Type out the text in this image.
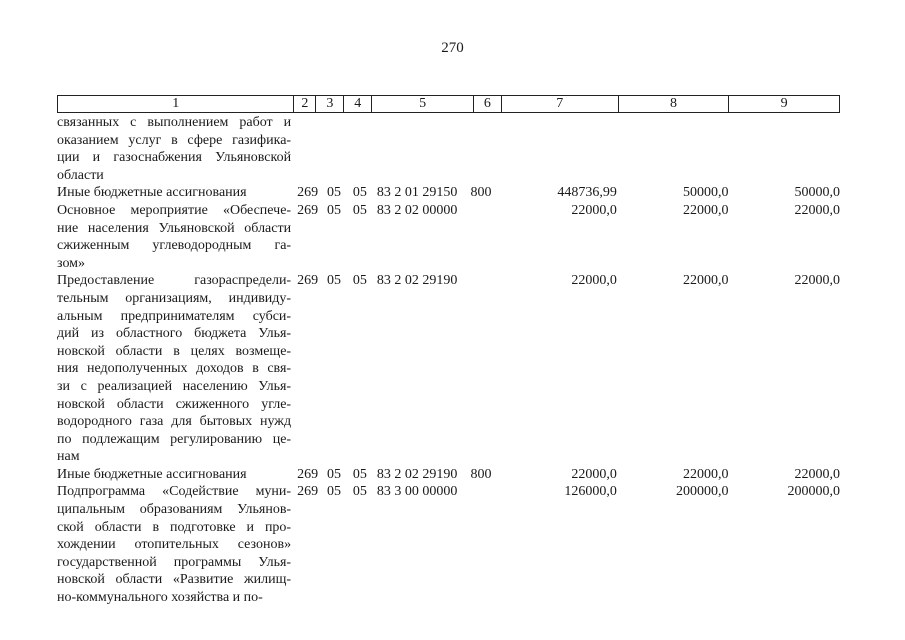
270
1	2	3	4	5	6	7	8	9
связанных с выполнением работ и
оказанием услуг в сфере газифика-
ции и газоснабжения Ульяновской
области
Иные бюджетные ассигнования	269 05 05 83 2 01 29150 800	448736,99	50000,0	50000,0
Основное мероприятие «Обеспече-
ние населения Ульяновской области
сжиженным углеводородным га-
зом»
269 05 05 83 2 02 00000	22000,0	22000,0	22000,0
Предоставление газораспредели-
тельным организациям, индивиду-
альным предпринимателям субси-
дий из областного бюджета Улья-
новской области в целях возмеще-
ния недополученных доходов в свя-
зи с реализацией населению Улья-
новской области сжиженного угле-
водородного газа для бытовых нужд
по подлежащим регулированию це-
нам
269 05 05 83 2 02 29190	22000,0	22000,0	22000,0
Иные бюджетные ассигнования	269 05 05 83 2 02 29190 800	22000,0	22000,0	22000,0
Подпрограмма «Содействие муни-
ципальным образованиям Ульянов-
ской области в подготовке и про-
хождении отопительных сезонов»
государственной программы Улья-
новской области «Развитие жилищ-
но-коммунального хозяйства и по-
269 05 05 83 3 00 00000	126000,0	200000,0	200000,0
